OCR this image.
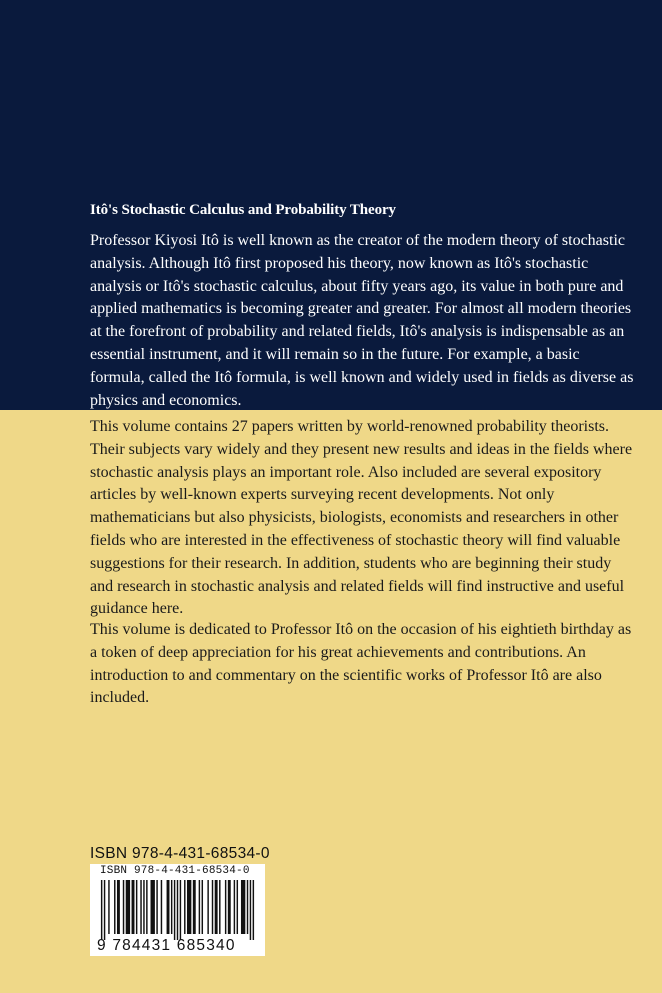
Itô's Stochastic Calculus and Probability Theory

Professor Kiyosi Itô is well known as the creator of the modern theory of stochastic analysis. Although Itô first proposed his theory, now known as Itô's stochastic analysis or Itô's stochastic calculus, about fifty years ago, its value in both pure and applied mathematics is becoming greater and greater. For almost all modern theories at the forefront of probability and related fields, Itô's analysis is indispensable as an essential instrument, and it will remain so in the future. For example, a basic formula, called the Itô formula, is well known and widely used in fields as diverse as physics and economics.

This volume contains 27 papers written by world-renowned probability theorists. Their subjects vary widely and they present new results and ideas in the fields where stochastic analysis plays an important role. Also included are several expository articles by well-known experts surveying recent developments. Not only mathematicians but also physicists, biologists, economists and researchers in other fields who are interested in the effectiveness of stochastic theory will find valuable suggestions for their research. In addition, students who are beginning their study and research in stochastic analysis and related fields will find instructive and useful guidance here.

This volume is dedicated to Professor Itô on the occasion of his eightieth birthday as a token of deep appreciation for his great achievements and contributions. An introduction to and commentary on the scientific works of Professor Itô are also included.

ISBN 978-4-431-68534-0

ISBN 978-4-431-68534-0
9 784431 685340
